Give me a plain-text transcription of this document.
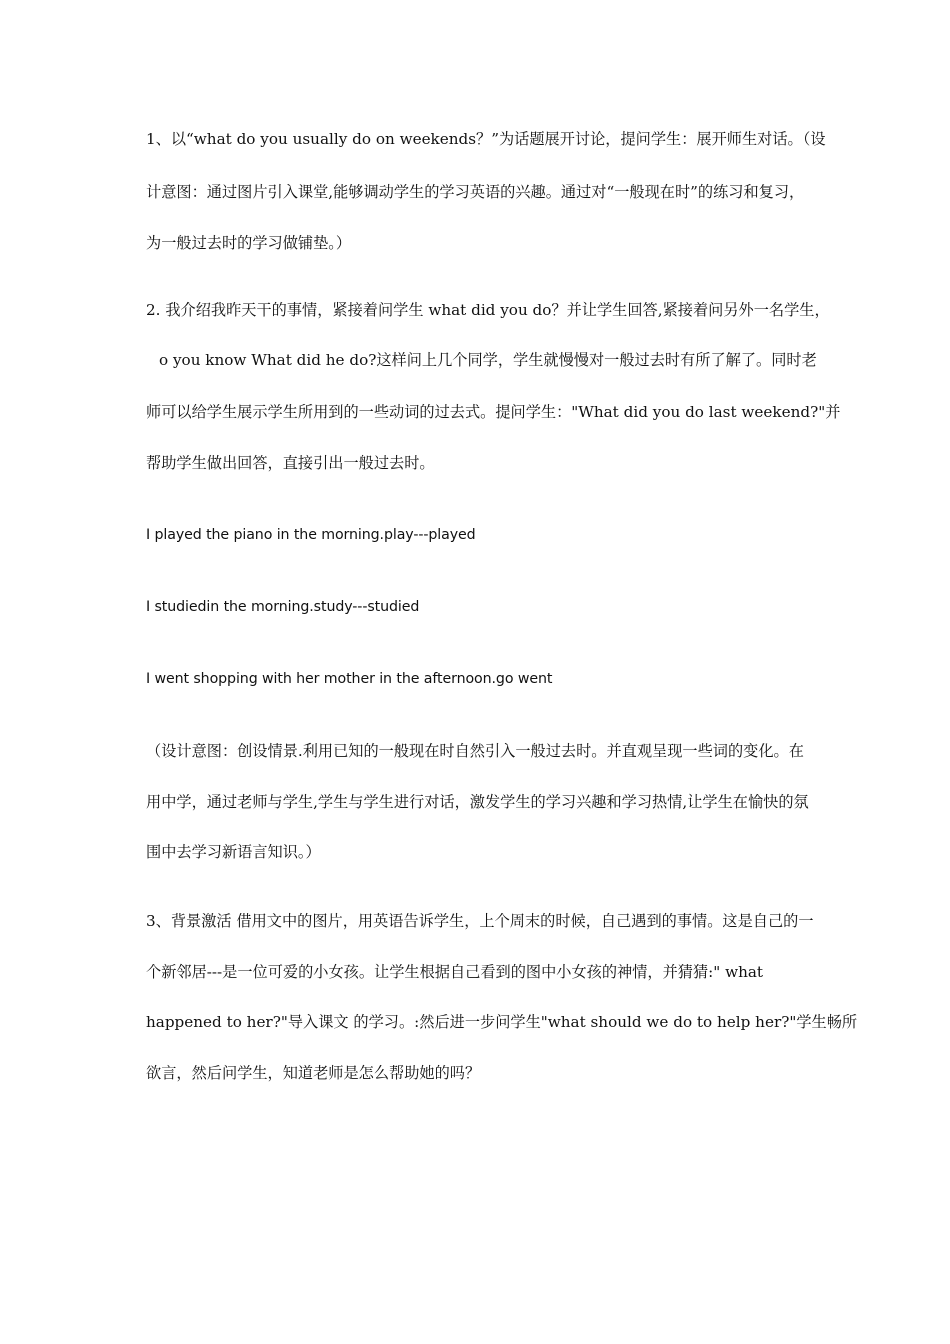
1、以“what do you usually do on weekends？”为话题展开讨论，提问学生：展开师生对话。（设
计意图：通过图片引入课堂,能够调动学生的学习英语的兴趣。通过对“一般现在时”的练习和复习，
为一般过去时的学习做铺垫。）
2. 我介绍我昨天干的事情，紧接着问学生 what did you do？并让学生回答,紧接着问另外一名学生，
o you know What did he do?这样问上几个同学，学生就慢慢对一般过去时有所了解了。同时老
师可以给学生展示学生所用到的一些动词的过去式。提问学生："What did you do last weekend?"并
帮助学生做出回答，直接引出一般过去时。
I played the piano in the morning.play---played
I studiedin the morning.study---studied
I went shopping with her mother in the afternoon.go went
（设计意图：创设情景.利用已知的一般现在时自然引入一般过去时。并直观呈现一些词的变化。在
用中学，通过老师与学生,学生与学生进行对话，激发学生的学习兴趣和学习热情,让学生在愉快的氛
围中去学习新语言知识。）
3、背景激活 借用文中的图片，用英语告诉学生，上个周末的时候，自己遇到的事情。这是自己的一
个新邻居---是一位可爱的小女孩。让学生根据自己看到的图中小女孩的神情，并猜猜:" what
happened to her?"导入课文 的学习。:然后进一步问学生"what should we do to help her?"学生畅所
欲言，然后问学生，知道老师是怎么帮助她的吗？
